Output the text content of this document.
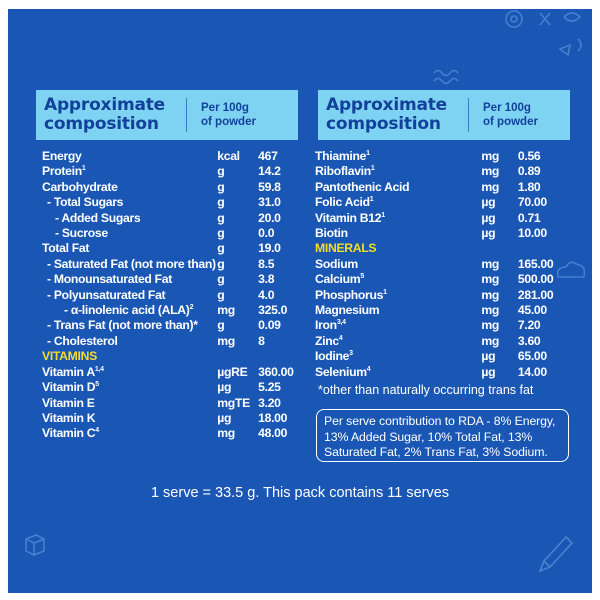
Approximate
composition
Per 100g
of powder
Energy	kcal	467
Protein$^1$	g	14.2
Carbohydrate	g	59.8
- Total Sugars	g	31.0
- Added Sugars	g	20.0
- Sucrose	g	0.0
Total Fat	g	19.0
- Saturated Fat (not more than)	g	8.5
- Monounsaturated Fat	g	3.8
- Polyunsaturated Fat	g	4.0
- α-linolenic acid (ALA)$^2$	mg	325.0
- Trans Fat (not more than)*	g	0.09
- Cholesterol	mg	8
VITAMINS		
Vitamin A$^{1,4}$	µgRE	360.00
Vitamin $D^5$	µg	5.25
Vitamin E	mgTE	3.20
Vitamin K	µg	18.00
Vitamin $C^4$	mg	48.00
Approximate
composition
Per 100g
of powder
Thiamine$^1$	mg	0.56
Riboflavin$^1$	mg	0.89
Pantothenic Acid	mg	1.80
Folic Acid$^1$	µg	70.00
Vitamin $B12^1$	µg	0.71
Biotin	µg	10.00
MINERALS		
Sodium	mg	165.00
Calcium$^5$	mg	500.00
Phosphorus$^1$	mg	281.00
Magnesium	mg	45.00
Iron$^{3,4}$	mg	7.20
Zinc$^4$	mg	3.60
Iodine$^3$	µg	65.00
Selenium$^4$	µg	14.00
*other than naturally occurring trans fat
Per serve contribution to RDA - 8% Energy, 13% Added Sugar, 10% Total Fat, 13% Saturated Fat, 2% Trans Fat, 3% Sodium.
1 serve = 33.5 g. This pack contains 11 serves
